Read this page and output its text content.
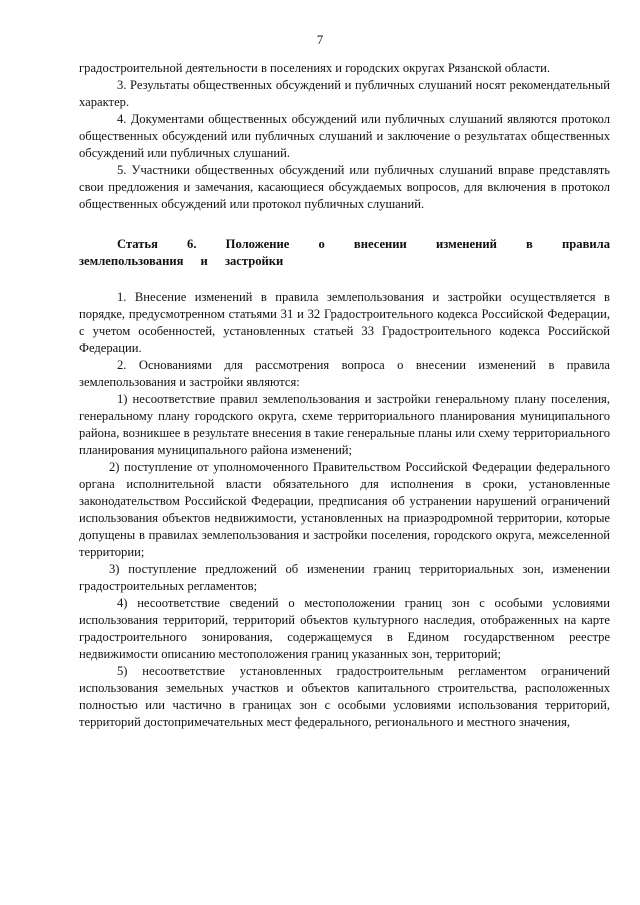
7

градостроительной деятельности в поселениях и городских округах Рязанской области.

3. Результаты общественных обсуждений и публичных слушаний носят рекомендательный характер.

4. Документами общественных обсуждений или публичных слушаний являются протокол общественных обсуждений или публичных слушаний и заключение о результатах общественных обсуждений или публичных слушаний.

5. Участники общественных обсуждений или публичных слушаний вправе представлять свои предложения и замечания, касающиеся обсуждаемых вопросов, для включения в протокол общественных обсуждений или протокол публичных слушаний.

Статья 6. Положение о внесении изменений в правила землепользования и застройки

1. Внесение изменений в правила землепользования и застройки осуществляется в порядке, предусмотренном статьями 31 и 32 Градостроительного кодекса Российской Федерации, с учетом особенностей, установленных статьей 33 Градостроительного кодекса Российской Федерации.

2. Основаниями для рассмотрения вопроса о внесении изменений в правила землепользования и застройки являются:

1) несоответствие правил землепользования и застройки генеральному плану поселения, генеральному плану городского округа, схеме территориального планирования муниципального района, возникшее в результате внесения в такие генеральные планы или схему территориального планирования муниципального района изменений;

2) поступление от уполномоченного Правительством Российской Федерации федерального органа исполнительной власти обязательного для исполнения в сроки, установленные законодательством Российской Федерации, предписания об устранении нарушений ограничений использования объектов недвижимости, установленных на приаэродромной территории, которые допущены в правилах землепользования и застройки поселения, городского округа, межселенной территории;

3) поступление предложений об изменении границ территориальных зон, изменении градостроительных регламентов;

4) несоответствие сведений о местоположении границ зон с особыми условиями использования территорий, территорий объектов культурного наследия, отображенных на карте градостроительного зонирования, содержащемуся в Едином государственном реестре недвижимости описанию местоположения границ указанных зон, территорий;

5) несоответствие установленных градостроительным регламентом ограничений использования земельных участков и объектов капитального строительства, расположенных полностью или частично в границах зон с особыми условиями использования территорий, территорий достопримечательных мест федерального, регионального и местного значения,
